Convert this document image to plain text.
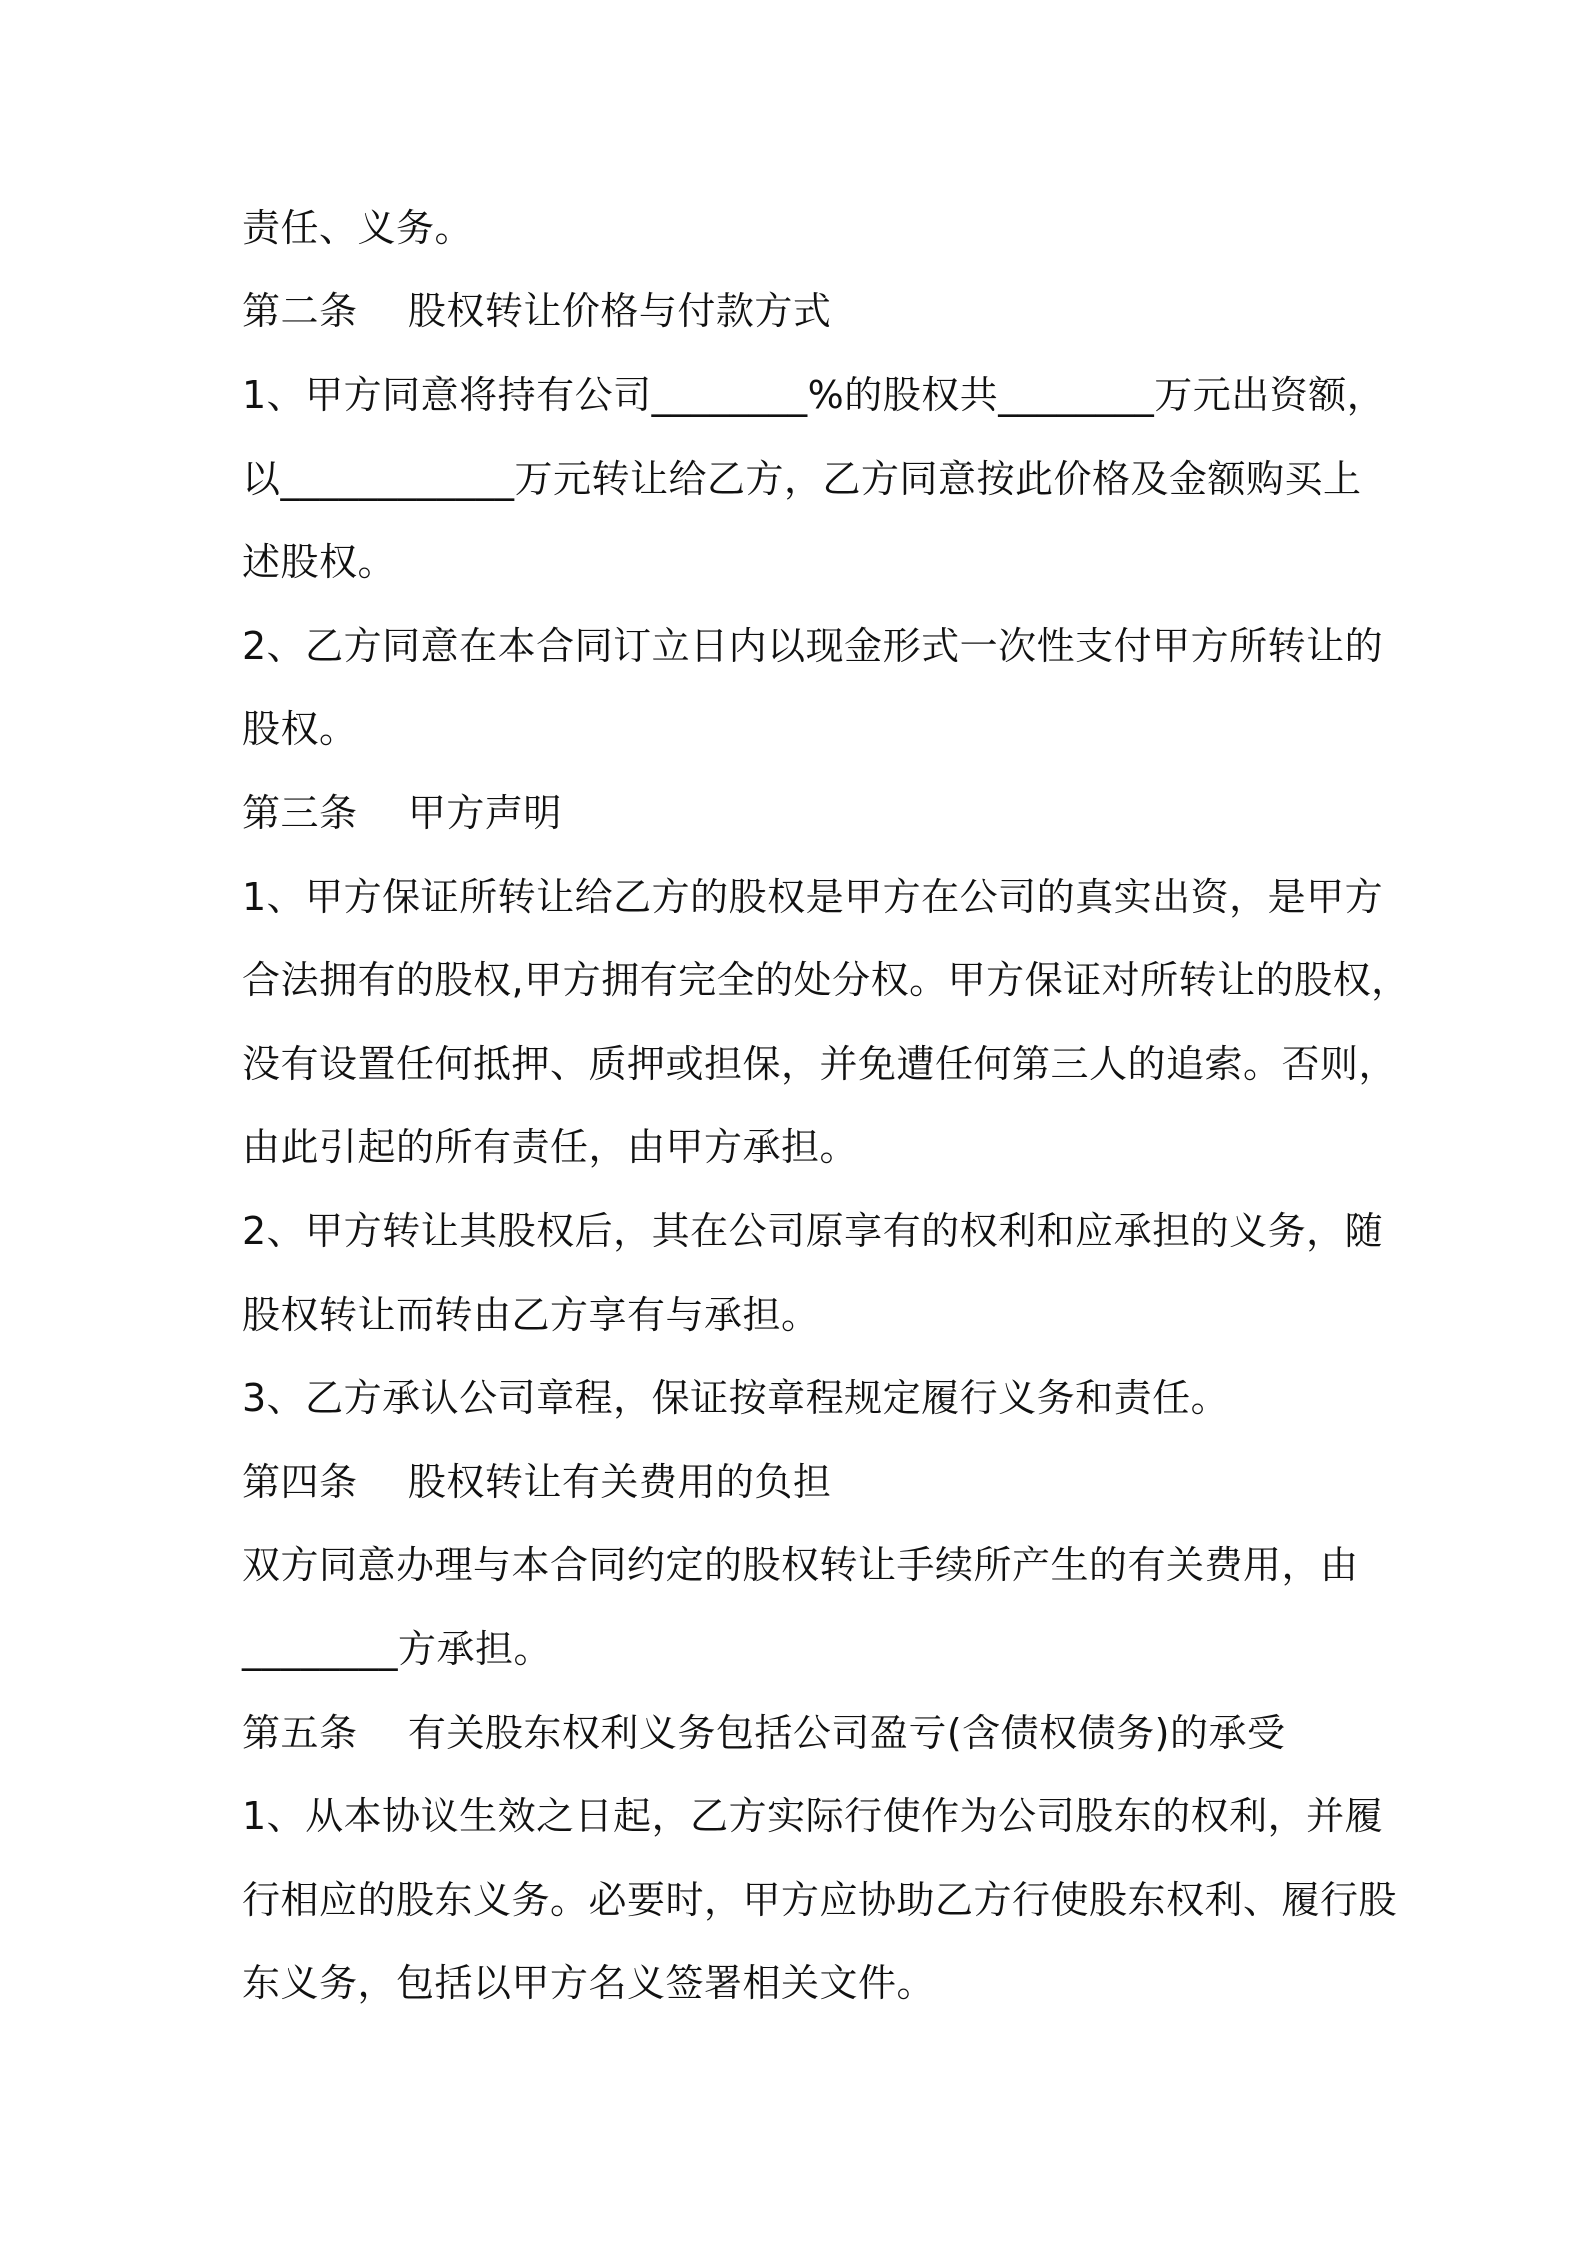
责任、义务。
第二条    股权转让价格与付款方式
1、甲方同意将持有公司________%的股权共________万元出资额，
以____________万元转让给乙方，乙方同意按此价格及金额购买上
述股权。
2、乙方同意在本合同订立日内以现金形式一次性支付甲方所转让的
股权。
第三条    甲方声明
1、甲方保证所转让给乙方的股权是甲方在公司的真实出资，是甲方
合法拥有的股权,甲方拥有完全的处分权。甲方保证对所转让的股权，
没有设置任何抵押、质押或担保，并免遭任何第三人的追索。否则，
由此引起的所有责任，由甲方承担。
2、甲方转让其股权后，其在公司原享有的权利和应承担的义务，随
股权转让而转由乙方享有与承担。
3、乙方承认公司章程，保证按章程规定履行义务和责任。
第四条    股权转让有关费用的负担
双方同意办理与本合同约定的股权转让手续所产生的有关费用，由
________方承担。
第五条    有关股东权利义务包括公司盈亏(含债权债务)的承受
1、从本协议生效之日起，乙方实际行使作为公司股东的权利，并履
行相应的股东义务。必要时，甲方应协助乙方行使股东权利、履行股
东义务，包括以甲方名义签署相关文件。
